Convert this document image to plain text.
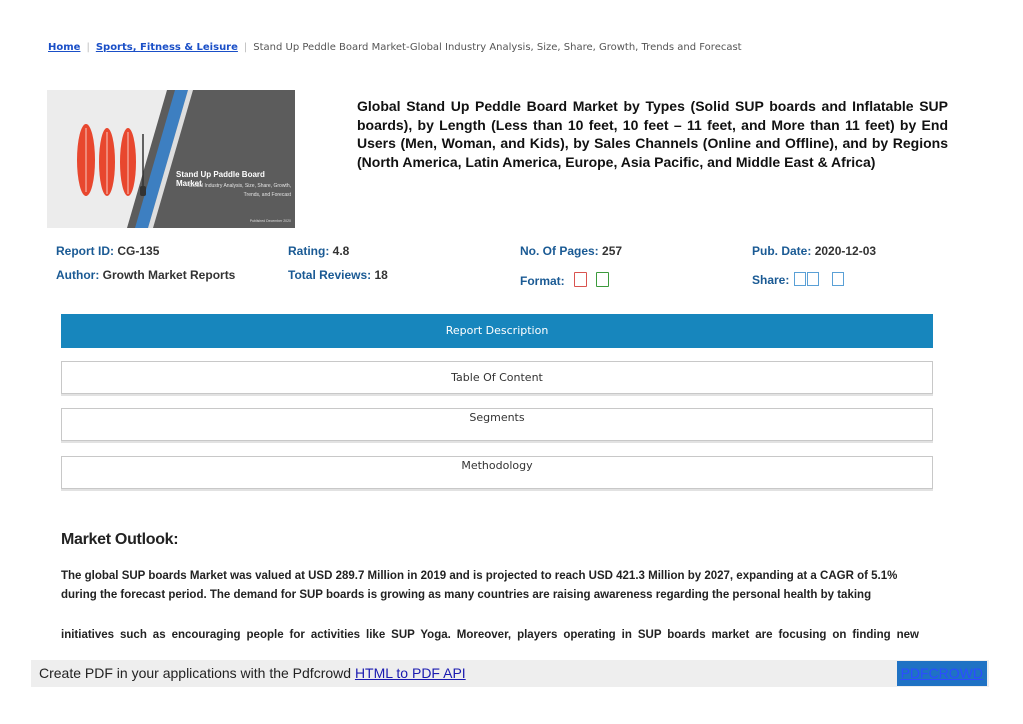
Home | Sports, Fitness & Leisure | Stand Up Peddle Board Market-Global Industry Analysis, Size, Share, Growth, Trends and Forecast
Stand Up Paddle Board Market
Global Industry Analysis, Size, Share, Growth,
Trends, and Forecast
Published December 2020
Global Stand Up Peddle Board Market by Types (Solid SUP boards and Inflatable SUP boards), by Length (Less than 10 feet, 10 feet – 11 feet, and More than 11 feet) by End Users (Men, Woman, and Kids), by Sales Channels (Online and Offline), and by Regions (North America, Latin America, Europe, Asia Pacific, and Middle East & Africa)
Report ID: CG-135	Rating: 4.8	No. Of Pages: 257	Pub. Date: 2020-12-03
Author: Growth Market Reports	Total Reviews: 18	Format:	Share:
Report Description
Table Of Content
Segments
Methodology
Market Outlook:
The global SUP boards Market was valued at USD 289.7 Million in 2019 and is projected to reach USD 421.3 Million by 2027, expanding at a CAGR of 5.1% during the forecast period. The demand for SUP boards is growing as many countries are raising awareness regarding the personal health by taking
initiatives such as encouraging people for activities like SUP Yoga. Moreover, players operating in SUP boards market are focusing on finding new
Create PDF in your applications with the Pdfcrowd HTML to PDF API	PDFCROWD
